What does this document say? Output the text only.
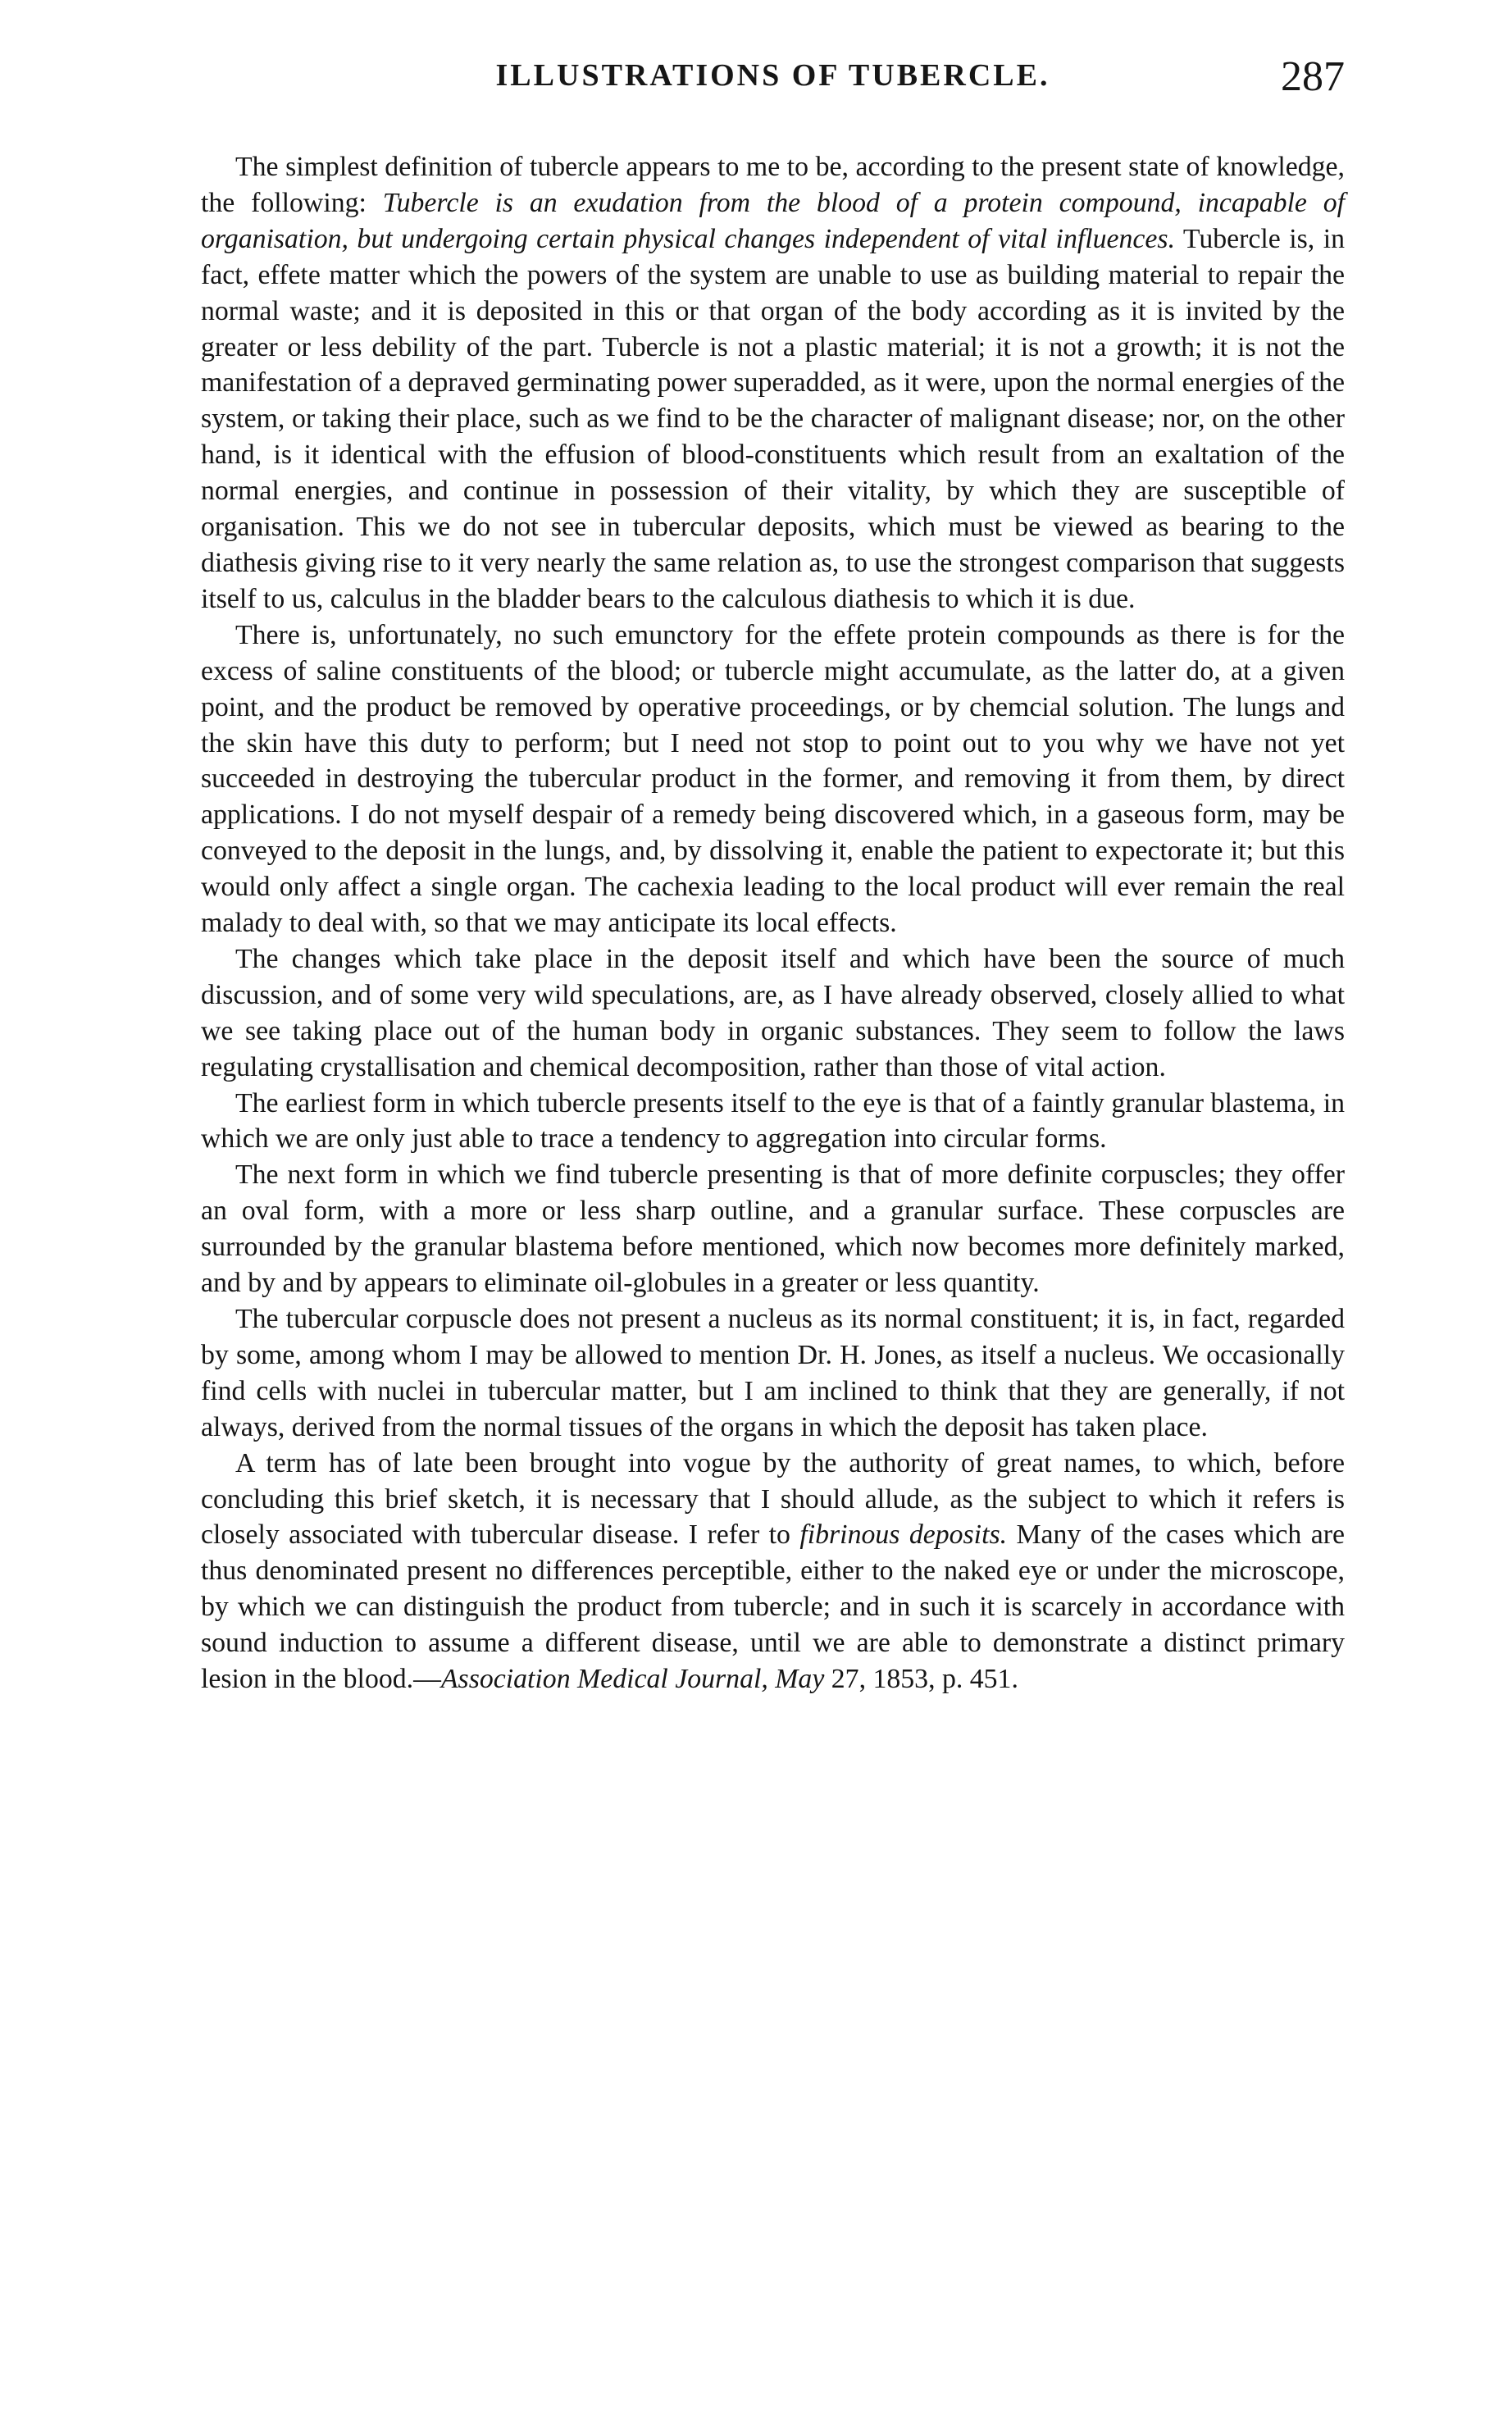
ILLUSTRATIONS OF TUBERCLE.	287

The simplest definition of tubercle appears to me to be, according to the present state of knowledge, the following: Tubercle is an exudation from the blood of a protein compound, incapable of organisation, but undergoing certain physical changes independent of vital influences. Tubercle is, in fact, effete matter which the powers of the system are unable to use as building material to repair the normal waste; and it is deposited in this or that organ of the body according as it is invited by the greater or less debility of the part. Tubercle is not a plastic material; it is not a growth; it is not the manifestation of a depraved germinating power superadded, as it were, upon the normal energies of the system, or taking their place, such as we find to be the character of malignant disease; nor, on the other hand, is it identical with the effusion of blood-constituents which result from an exaltation of the normal energies, and continue in possession of their vitality, by which they are susceptible of organisation. This we do not see in tubercular deposits, which must be viewed as bearing to the diathesis giving rise to it very nearly the same relation as, to use the strongest comparison that suggests itself to us, calculus in the bladder bears to the calculous diathesis to which it is due.

There is, unfortunately, no such emunctory for the effete protein compounds as there is for the excess of saline constituents of the blood; or tubercle might accumulate, as the latter do, at a given point, and the product be removed by operative proceedings, or by chemcial solution. The lungs and the skin have this duty to perform; but I need not stop to point out to you why we have not yet succeeded in destroying the tubercular product in the former, and removing it from them, by direct applications. I do not myself despair of a remedy being discovered which, in a gaseous form, may be conveyed to the deposit in the lungs, and, by dissolving it, enable the patient to expectorate it; but this would only affect a single organ. The cachexia leading to the local product will ever remain the real malady to deal with, so that we may anticipate its local effects.

The changes which take place in the deposit itself and which have been the source of much discussion, and of some very wild speculations, are, as I have already observed, closely allied to what we see taking place out of the human body in organic substances. They seem to follow the laws regulating crystallisation and chemical decomposition, rather than those of vital action.

The earliest form in which tubercle presents itself to the eye is that of a faintly granular blastema, in which we are only just able to trace a tendency to aggregation into circular forms.

The next form in which we find tubercle presenting is that of more definite corpuscles; they offer an oval form, with a more or less sharp outline, and a granular surface. These corpuscles are surrounded by the granular blastema before mentioned, which now becomes more definitely marked, and by and by appears to eliminate oil-globules in a greater or less quantity.

The tubercular corpuscle does not present a nucleus as its normal constituent; it is, in fact, regarded by some, among whom I may be allowed to mention Dr. H. Jones, as itself a nucleus. We occasionally find cells with nuclei in tubercular matter, but I am inclined to think that they are generally, if not always, derived from the normal tissues of the organs in which the deposit has taken place.

A term has of late been brought into vogue by the authority of great names, to which, before concluding this brief sketch, it is necessary that I should allude, as the subject to which it refers is closely associated with tubercular disease. I refer to fibrinous deposits. Many of the cases which are thus denominated present no differences perceptible, either to the naked eye or under the microscope, by which we can distinguish the product from tubercle; and in such it is scarcely in accordance with sound induction to assume a different disease, until we are able to demonstrate a distinct primary lesion in the blood.—Association Medical Journal, May 27, 1853, p. 451.
